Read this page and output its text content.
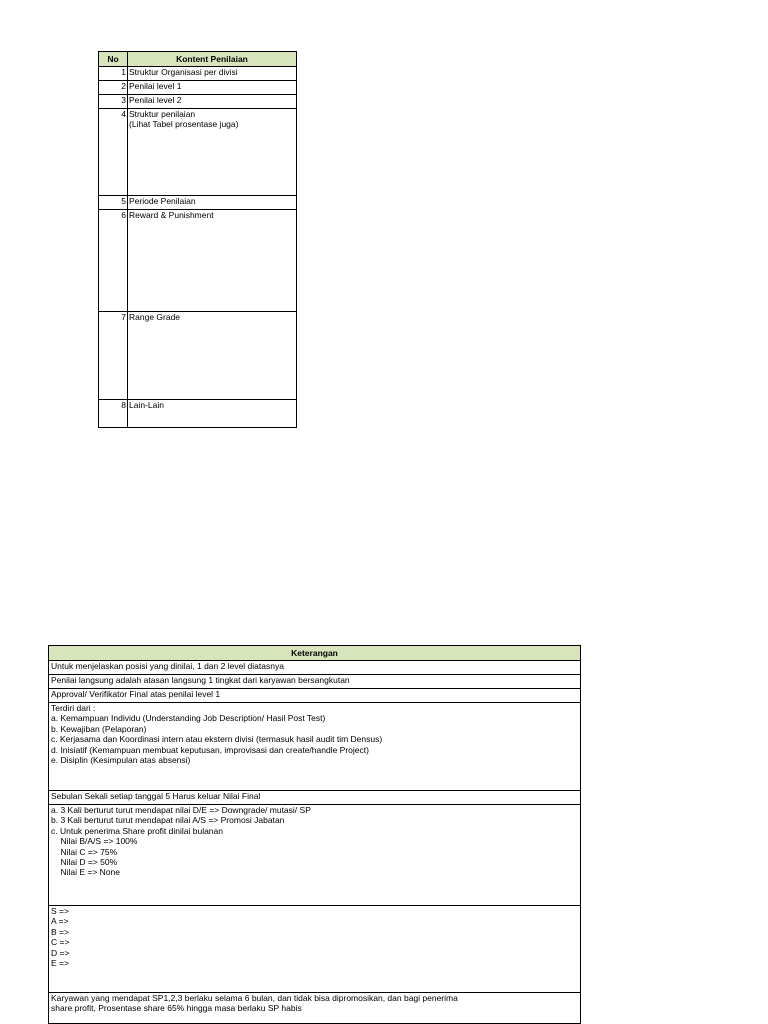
No	Kontent Penilaian
1	Struktur Organisasi per divisi
2	Penilai level 1
3	Penilai level 2
4	Struktur penilaian
(Lihat Tabel prosentase juga)
5	Periode Penilaian
6	Reward & Punishment
7	Range Grade
8	Lain-Lain
Keterangan
Untuk menjelaskan posisi yang dinilai, 1 dan 2 level diatasnya
Penilai langsung adalah atasan langsung 1 tingkat dari karyawan bersangkutan
Approval/ Verifikator Final atas penilai level 1
Terdiri dari :
a. Kemampuan Individu (Understanding Job Description/ Hasil Post Test)
b. Kewajiban (Pelaporan)
c. Kerjasama dan Koordinasi intern atau ekstern divisi (termasuk hasil audit tim Densus)
d. Inisiatif (Kemampuan membuat keputusan, improvisasi dan create/handle Project)
e. Disiplin (Kesimpulan atas absensi)
Sebulan Sekali setiap tanggal 5 Harus keluar Nilai Final
a. 3 Kali berturut turut mendapat nilai D/E => Downgrade/ mutasi/ SP
b. 3 Kali berturut turut mendapat nilai A/S => Promosi Jabatan
c. Untuk penerima Share profit dinilai bulanan
Nilai B/A/S => 100%
Nilai C => 75%
Nilai D => 50%
Nilai E => None
S =>
A =>
B =>
C =>
D =>
E =>
Karyawan yang mendapat SP1,2,3 berlaku selama 6 bulan, dan tidak bisa dipromosikan, dan bagi penerima
share profit, Prosentase share 65% hingga masa berlaku SP habis
